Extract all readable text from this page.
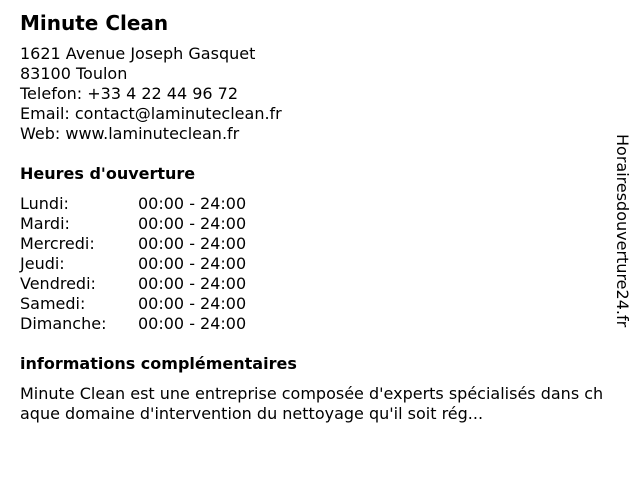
Minute Clean
1621 Avenue Joseph Gasquet
83100 Toulon
Telefon: +33 4 22 44 96 72
Email: contact@laminuteclean.fr
Web: www.laminuteclean.fr
Heures d'ouverture
Lundi:	00:00 - 24:00
Mardi:	00:00 - 24:00
Mercredi:	00:00 - 24:00
Jeudi:	00:00 - 24:00
Vendredi:	00:00 - 24:00
Samedi:	00:00 - 24:00
Dimanche:	00:00 - 24:00
informations complémentaires
Minute Clean est une entreprise composée d'experts spécialisés dans chaque domaine d'intervention du nettoyage qu'il soit rég...
Horairesdouverture24.fr
